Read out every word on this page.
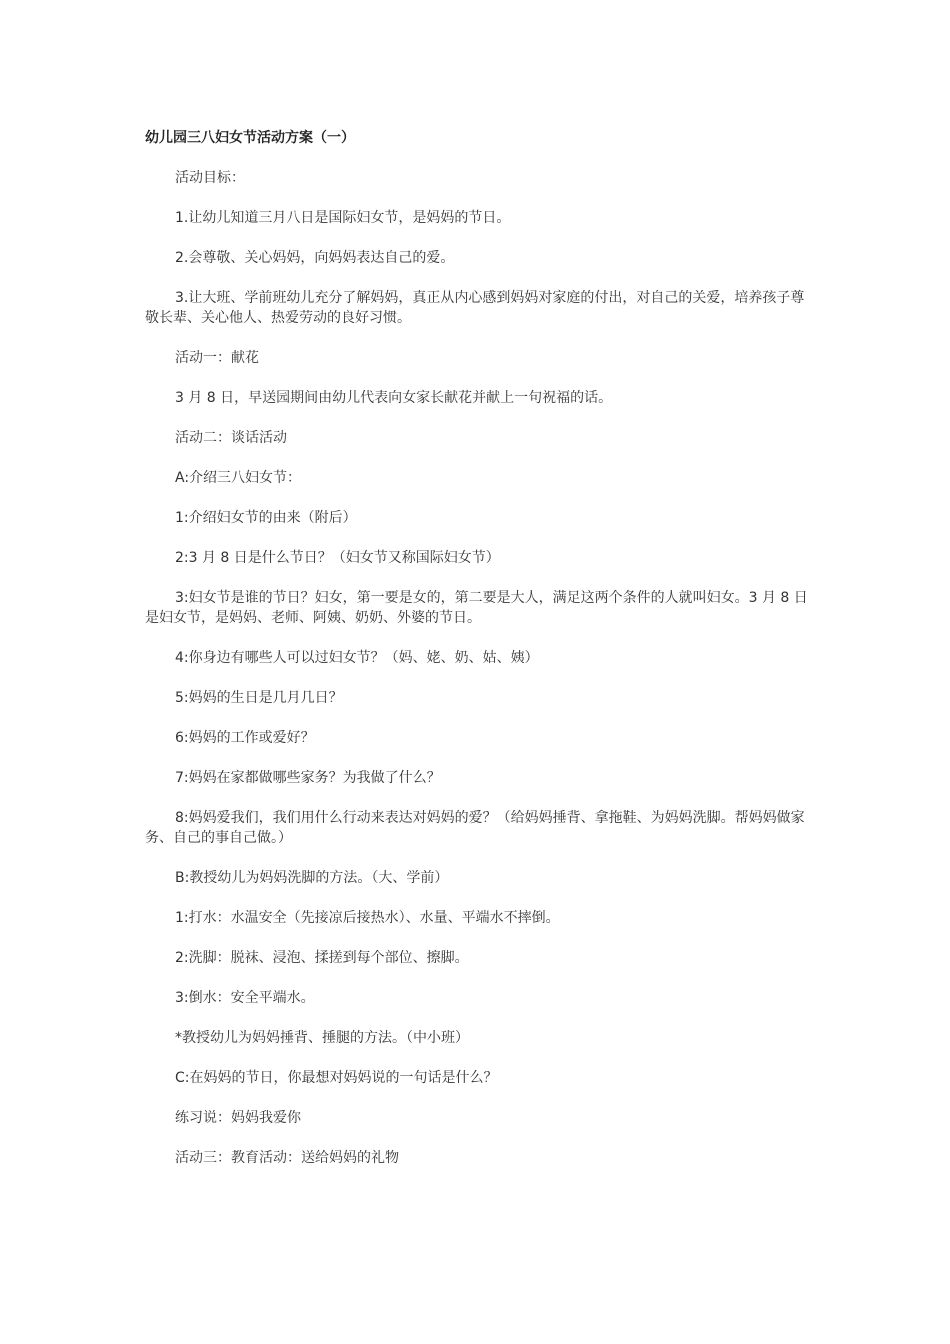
幼儿园三八妇女节活动方案（一）

活动目标：

1.让幼儿知道三月八日是国际妇女节，是妈妈的节日。

2.会尊敬、关心妈妈，向妈妈表达自己的爱。

3.让大班、学前班幼儿充分了解妈妈，真正从内心感到妈妈对家庭的付出，对自己的关爱，培养孩子尊敬长辈、关心他人、热爱劳动的良好习惯。

活动一：献花

3 月 8 日，早送园期间由幼儿代表向女家长献花并献上一句祝福的话。

活动二：谈话活动

A:介绍三八妇女节：

1:介绍妇女节的由来（附后）

2:3 月 8 日是什么节日？（妇女节又称国际妇女节）

3:妇女节是谁的节日？妇女，第一要是女的，第二要是大人，满足这两个条件的人就叫妇女。3 月 8 日是妇女节，是妈妈、老师、阿姨、奶奶、外婆的节日。

4:你身边有哪些人可以过妇女节？（妈、姥、奶、姑、姨）

5:妈妈的生日是几月几日？

6:妈妈的工作或爱好？

7:妈妈在家都做哪些家务？为我做了什么？

8:妈妈爱我们，我们用什么行动来表达对妈妈的爱？（给妈妈捶背、拿拖鞋、为妈妈洗脚。帮妈妈做家务、自己的事自己做。）

B:教授幼儿为妈妈洗脚的方法。（大、学前）

1:打水：水温安全（先接凉后接热水）、水量、平端水不摔倒。

2:洗脚：脱袜、浸泡、揉搓到每个部位、擦脚。

3:倒水：安全平端水。

*教授幼儿为妈妈捶背、捶腿的方法。（中小班）

C:在妈妈的节日，你最想对妈妈说的一句话是什么？

练习说：妈妈我爱你

活动三：教育活动：送给妈妈的礼物
